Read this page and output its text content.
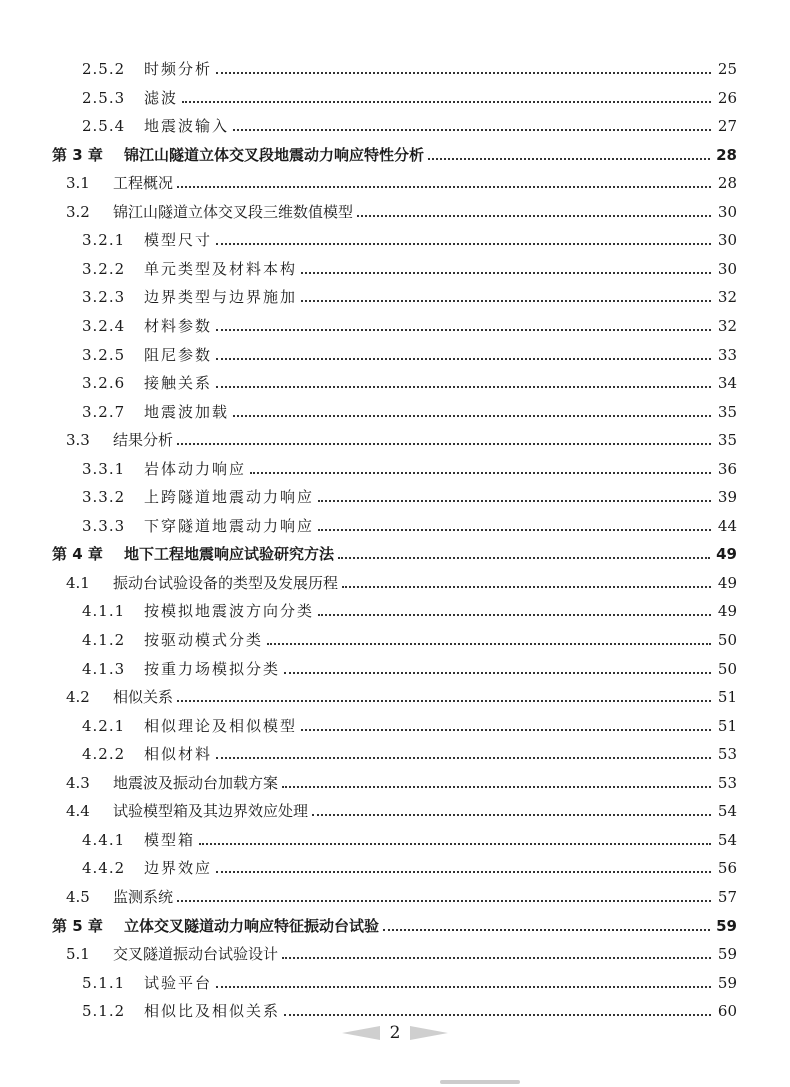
2.5.2	时频分析	25
2.5.3	滤波	26
2.5.4	地震波输入	27
第 3 章	锦江山隧道立体交叉段地震动力响应特性分析	28
3.1	工程概况	28
3.2	锦江山隧道立体交叉段三维数值模型	30
3.2.1	模型尺寸	30
3.2.2	单元类型及材料本构	30
3.2.3	边界类型与边界施加	32
3.2.4	材料参数	32
3.2.5	阻尼参数	33
3.2.6	接触关系	34
3.2.7	地震波加载	35
3.3	结果分析	35
3.3.1	岩体动力响应	36
3.3.2	上跨隧道地震动力响应	39
3.3.3	下穿隧道地震动力响应	44
第 4 章	地下工程地震响应试验研究方法	49
4.1	振动台试验设备的类型及发展历程	49
4.1.1	按模拟地震波方向分类	49
4.1.2	按驱动模式分类	50
4.1.3	按重力场模拟分类	50
4.2	相似关系	51
4.2.1	相似理论及相似模型	51
4.2.2	相似材料	53
4.3	地震波及振动台加载方案	53
4.4	试验模型箱及其边界效应处理	54
4.4.1	模型箱	54
4.4.2	边界效应	56
4.5	监测系统	57
第 5 章	立体交叉隧道动力响应特征振动台试验	59
5.1	交叉隧道振动台试验设计	59
5.1.1	试验平台	59
5.1.2	相似比及相似关系	60
2
